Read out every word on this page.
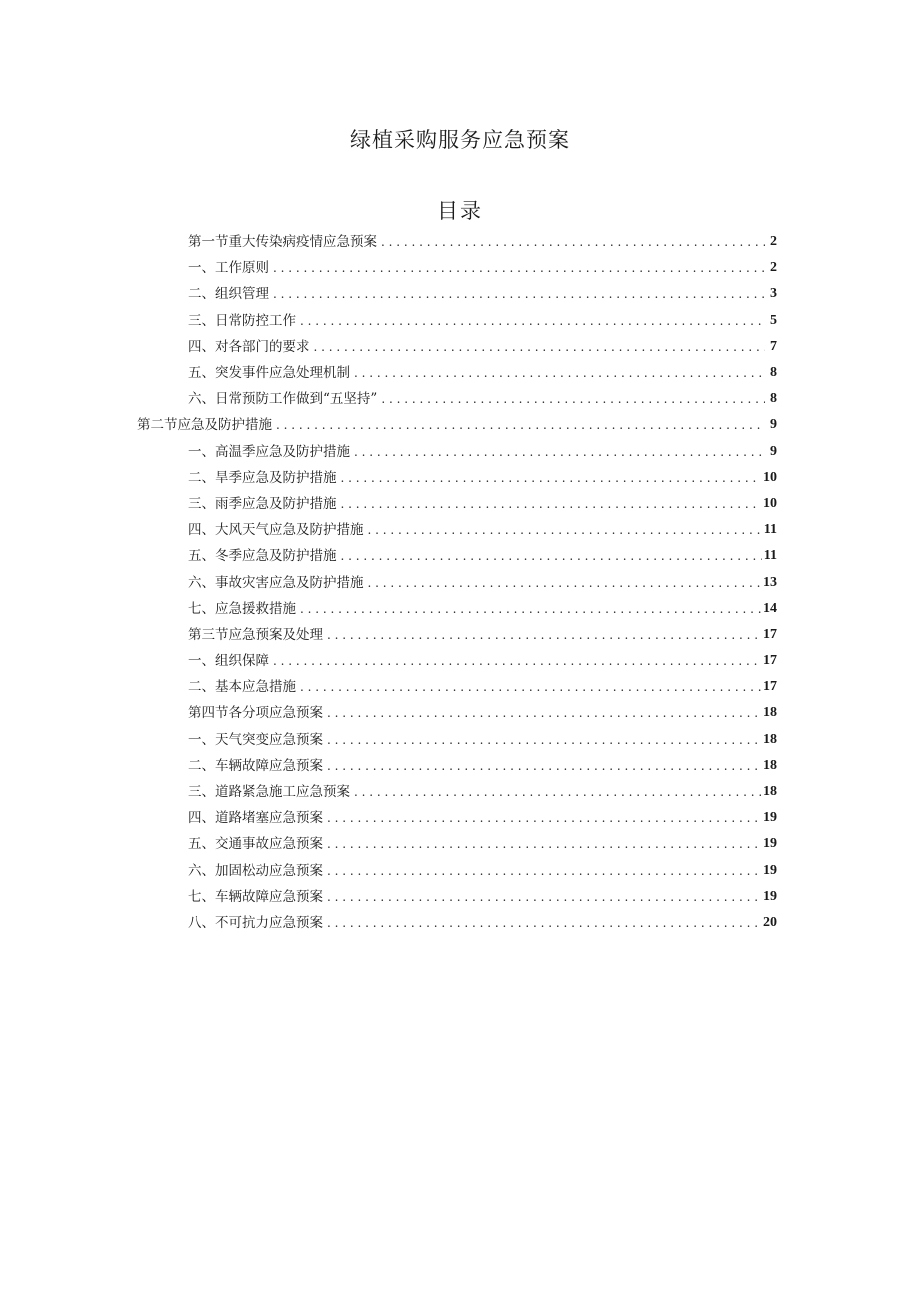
绿植采购服务应急预案
目录
第一节重大传染病疫情应急预案 . . .	2
一、工作原则 . . .	2
二、组织管理 . . .	3
三、日常防控工作 . . .	5
四、对各部门的要求 . . .	7
五、突发事件应急处理机制 . . .	8
六、日常预防工作做到“五坚持” . . .	8
第二节应急及防护措施 . . .	9
一、高温季应急及防护措施 . . .	9
二、旱季应急及防护措施 . . .	10
三、雨季应急及防护措施 . . .	10
四、大风天气应急及防护措施 . . .	11
五、冬季应急及防护措施 . . .	11
六、事故灾害应急及防护措施 . . .	13
七、应急援救措施 . . .	14
第三节应急预案及处理 . . .	17
一、组织保障 . . .	17
二、基本应急措施 . . .	17
第四节各分项应急预案 . . .	18
一、天气突变应急预案 . . .	18
二、车辆故障应急预案 . . .	18
三、道路紧急施工应急预案 . . .	18
四、道路堵塞应急预案 . . .	19
五、交通事故应急预案 . . .	19
六、加固松动应急预案 . . .	19
七、车辆故障应急预案 . . .	19
八、不可抗力应急预案 . . .	20
